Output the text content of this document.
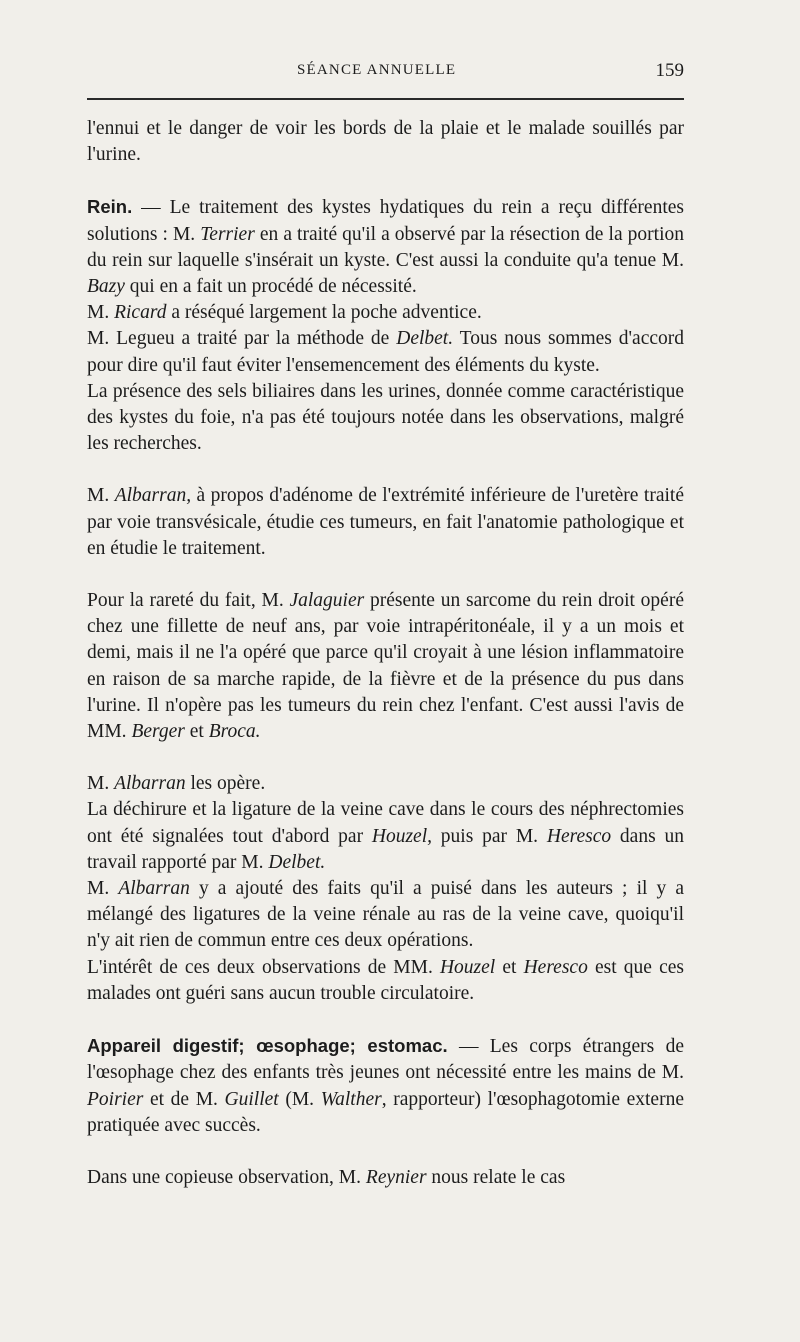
SÉANCE ANNUELLE	159

l'ennui et le danger de voir les bords de la plaie et le malade souillés par l'urine.

Rein. — Le traitement des kystes hydatiques du rein a reçu différentes solutions : M. Terrier en a traité qu'il a observé par la résection de la portion du rein sur laquelle s'insérait un kyste. C'est aussi la conduite qu'a tenue M. Bazy qui en a fait un procédé de nécessité.

M. Ricard a réséqué largement la poche adventice.

M. Legueu a traité par la méthode de Delbet. Tous nous sommes d'accord pour dire qu'il faut éviter l'ensemencement des éléments du kyste.

La présence des sels biliaires dans les urines, donnée comme caractéristique des kystes du foie, n'a pas été toujours notée dans les observations, malgré les recherches.

M. Albarran, à propos d'adénome de l'extrémité inférieure de l'uretère traité par voie transvésicale, étudie ces tumeurs, en fait l'anatomie pathologique et en étudie le traitement.

Pour la rareté du fait, M. Jalaguier présente un sarcome du rein droit opéré chez une fillette de neuf ans, par voie intrapéritonéale, il y a un mois et demi, mais il ne l'a opéré que parce qu'il croyait à une lésion inflammatoire en raison de sa marche rapide, de la fièvre et de la présence du pus dans l'urine. Il n'opère pas les tumeurs du rein chez l'enfant. C'est aussi l'avis de MM. Berger et Broca.

M. Albarran les opère.

La déchirure et la ligature de la veine cave dans le cours des néphrectomies ont été signalées tout d'abord par Houzel, puis par M. Heresco dans un travail rapporté par M. Delbet.

M. Albarran y a ajouté des faits qu'il a puisé dans les auteurs ; il y a mélangé des ligatures de la veine rénale au ras de la veine cave, quoiqu'il n'y ait rien de commun entre ces deux opérations.

L'intérêt de ces deux observations de MM. Houzel et Heresco est que ces malades ont guéri sans aucun trouble circulatoire.

Appareil digestif; œsophage; estomac. — Les corps étrangers de l'œsophage chez des enfants très jeunes ont nécessité entre les mains de M. Poirier et de M. Guillet (M. Walther, rapporteur) l'œsophagotomie externe pratiquée avec succès.

Dans une copieuse observation, M. Reynier nous relate le cas
